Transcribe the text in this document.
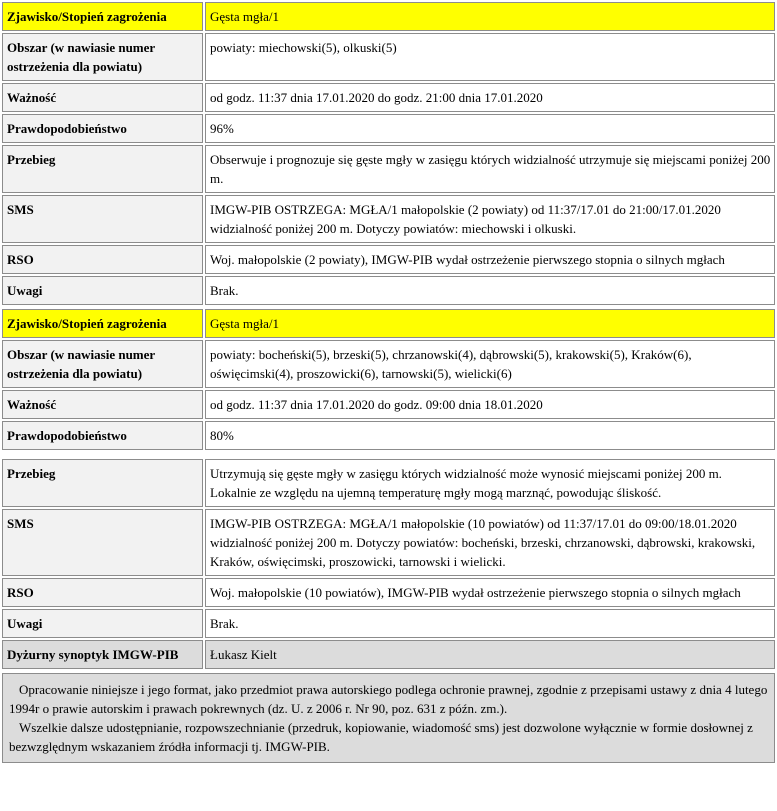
Zjawisko/Stopień zagrożenia	Gęsta mgła/1
Obszar (w nawiasie numer ostrzeżenia dla powiatu)	powiaty: miechowski(5), olkuski(5)
Ważność	od godz. 11:37 dnia 17.01.2020 do godz. 21:00 dnia 17.01.2020
Prawdopodobieństwo	96%
Przebieg	Obserwuje i prognozuje się gęste mgły w zasięgu których widzialność utrzymuje się miejscami poniżej 200 m.
SMS	IMGW-PIB OSTRZEGA: MGŁA/1 małopolskie (2 powiaty) od 11:37/17.01 do 21:00/17.01.2020 widzialność poniżej 200 m. Dotyczy powiatów: miechowski i olkuski.
RSO	Woj. małopolskie (2 powiaty), IMGW-PIB wydał ostrzeżenie pierwszego stopnia o silnych mgłach
Uwagi	Brak.
Zjawisko/Stopień zagrożenia	Gęsta mgła/1
Obszar (w nawiasie numer ostrzeżenia dla powiatu)	powiaty: bocheński(5), brzeski(5), chrzanowski(4), dąbrowski(5), krakowski(5), Kraków(6), oświęcimski(4), proszowicki(6), tarnowski(5), wielicki(6)
Ważność	od godz. 11:37 dnia 17.01.2020 do godz. 09:00 dnia 18.01.2020
Prawdopodobieństwo	80%
Przebieg	Utrzymują się gęste mgły w zasięgu których widzialność może wynosić miejscami poniżej 200 m. Lokalnie ze względu na ujemną temperaturę mgły mogą marznąć, powodując śliskość.
SMS	IMGW-PIB OSTRZEGA: MGŁA/1 małopolskie (10 powiatów) od 11:37/17.01 do 09:00/18.01.2020 widzialność poniżej 200 m. Dotyczy powiatów: bocheński, brzeski, chrzanowski, dąbrowski, krakowski, Kraków, oświęcimski, proszowicki, tarnowski i wielicki.
RSO	Woj. małopolskie (10 powiatów), IMGW-PIB wydał ostrzeżenie pierwszego stopnia o silnych mgłach
Uwagi	Brak.
Dyżurny synoptyk IMGW-PIB	Łukasz Kielt

Opracowanie niniejsze i jego format, jako przedmiot prawa autorskiego podlega ochronie prawnej, zgodnie z przepisami ustawy z dnia 4 lutego 1994r o prawie autorskim i prawach pokrewnych (dz. U. z 2006 r. Nr 90, poz. 631 z późn. zm.).

Wszelkie dalsze udostępnianie, rozpowszechnianie (przedruk, kopiowanie, wiadomość sms) jest dozwolone wyłącznie w formie dosłownej z bezwzględnym wskazaniem źródła informacji tj. IMGW-PIB.
